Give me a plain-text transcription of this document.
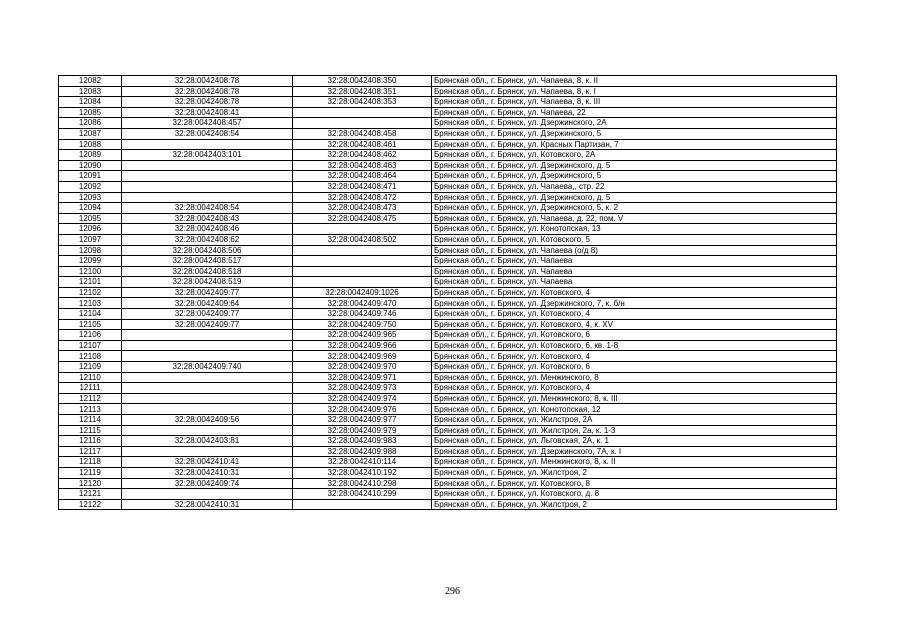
12082	32:28:0042408:78	32:28:0042408:350	Брянская обл., г. Брянск, ул. Чапаева, 8, к. II
12083	32:28:0042408:78	32:28:0042408:351	Брянская обл., г. Брянск, ул. Чапаева, 8, к. I
12084	32:28:0042408:78	32:28:0042408:353	Брянская обл., г. Брянск, ул. Чапаева, 8, к. III
12085	32:28:0042408:41		Брянская обл., г. Брянск, ул. Чапаева, 22
12086	32:28:0042408:457		Брянская обл., г. Брянск, ул. Дзержинского, 2А
12087	32:28:0042408:54	32:28:0042408:458	Брянская обл., г. Брянск, ул. Дзержинского, 5
12088		32:28:0042408:461	Брянская обл., г. Брянск, ул. Красных Партизан, 7
12089	32:28:0042403:101	32:28:0042408:462	Брянская обл., г. Брянск, ул. Котовского, 2А
12090		32:28:0042408:463	Брянская обл., г. Брянск, ул. Дзержинского, д. 5
12091		32:28:0042408:464	Брянская обл., г. Брянск, ул. Дзержинского, 5
12092		32:28:0042408:471	Брянская обл., г. Брянск, ул. Чапаева,, стр. 22
12093		32:28:0042408:472	Брянская обл., г. Брянск, ул. Дзержинского, д. 5
12094	32:28:0042408:54	32:28:0042408:473	Брянская обл., г. Брянск, ул. Дзержинского, 5, к. 2
12095	32:28:0042408:43	32:28:0042408:475	Брянская обл., г. Брянск, ул. Чапаева, д. 22, пом. V
12096	32:28:0042408:46		Брянская обл., г. Брянск, ул. Конотопская, 13
12097	32:28:0042408:62	32:28:0042408:502	Брянская обл., г. Брянск, ул. Котовского, 5
12098	32:28:0042408:506		Брянская обл., г. Брянск, ул. Чапаева (о/д 8)
12099	32:28:0042408:517		Брянская обл., г. Брянск, ул. Чапаева
12100	32:28:0042408:518		Брянская обл., г. Брянск, ул. Чапаева
12101	32:28:0042408:519		Брянская обл., г. Брянск, ул. Чапаева
12102	32:28:0042409:77	32:28:0042409:1026	Брянская обл., г. Брянск, ул. Котовского, 4
12103	32:28:0042409:64	32:28:0042409:470	Брянская обл., г. Брянск, ул. Дзержинского, 7, к. б/н
12104	32:28:0042409:77	32:28:0042409:746	Брянская обл., г. Брянск, ул. Котовского, 4
12105	32:28:0042409:77	32:28:0042409:750	Брянская обл., г. Брянск, ул. Котовского, 4, к. XV
12106		32:28:0042409:965	Брянская обл., г. Брянск, ул. Котовского, 6
12107		32:28:0042409:966	Брянская обл., г. Брянск, ул. Котовского, 6, кв. 1-8
12108		32:28:0042409:969	Брянская обл., г. Брянск, ул. Котовского, 4
12109	32:28:0042409:740	32:28:0042409:970	Брянская обл., г. Брянск, ул. Котовского, 6
12110		32:28:0042409:971	Брянская обл., г. Брянск, ул. Менжинского, 8
12111		32:28:0042409:973	Брянская обл., г. Брянск, ул. Котовского, 4
12112		32:28:0042409:974	Брянская обл., г. Брянск, ул. Менжинского, 8, к. III
12113		32:28:0042409:976	Брянская обл., г. Брянск, ул. Конотопская, 12
12114	32:28:0042409:56	32:28:0042409:977	Брянская обл., г. Брянск, ул. Жилстроя, 2А
12115		32:28:0042409:979	Брянская обл., г. Брянск, ул. Жилстроя, 2а, к. 1-3
12116	32:28:0042403:81	32:28:0042409:983	Брянская обл., г. Брянск, ул. Льговская, 2А, к. 1
12117		32:28:0042409:988	Брянская обл., г. Брянск, ул. Дзержинского, 7А, к. I
12118	32:28:0042410:41	32:28:0042410:114	Брянская обл., г. Брянск, ул. Менжинского, 8, к. II
12119	32:28:0042410:31	32:28:0042410:192	Брянская обл., г. Брянск, ул. Жилстроя, 2
12120	32:28:0042409:74	32:28:0042410:298	Брянская обл., г. Брянск, ул. Котовского, 8
12121		32:28:0042410:299	Брянская обл., г. Брянск, ул. Котовского, д. 8
12122	32:28:0042410:31		Брянская обл., г. Брянск, ул. Жилстроя, 2
296
